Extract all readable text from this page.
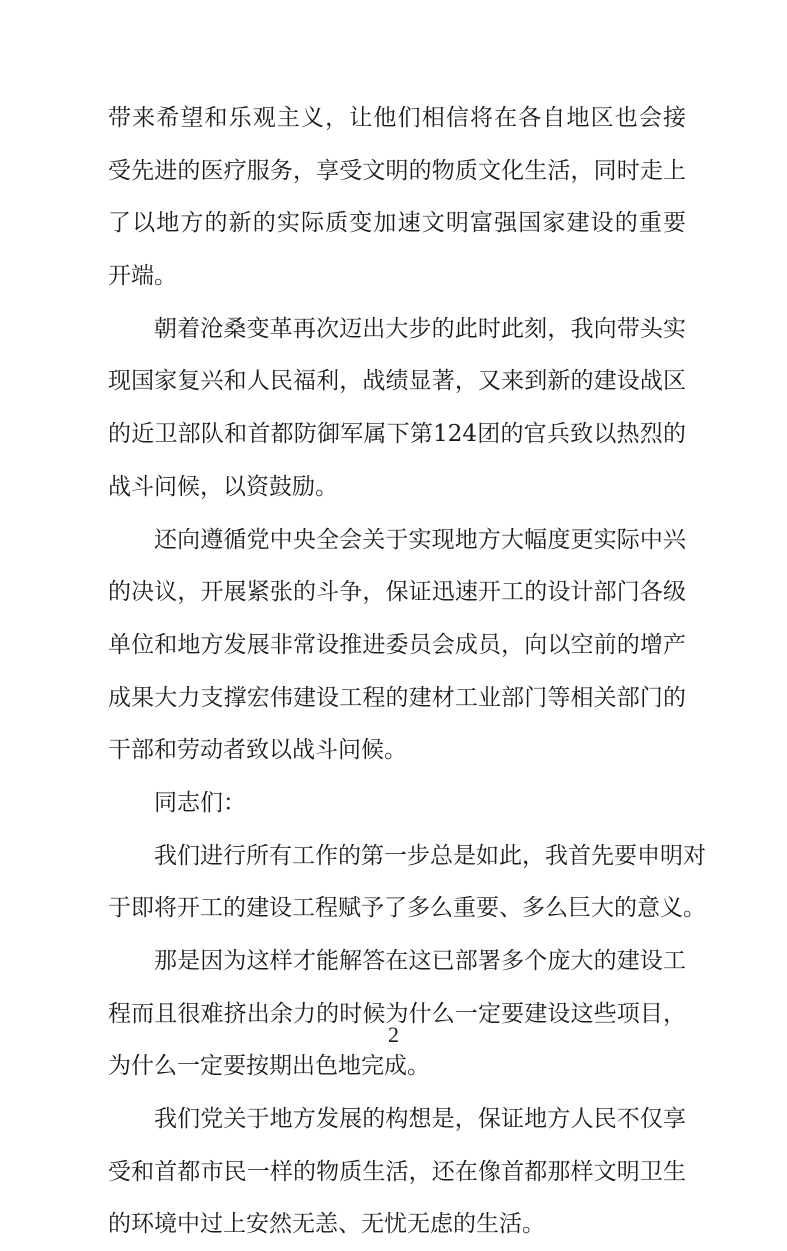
带来希望和乐观主义，让他们相信将在各自地区也会接
受先进的医疗服务，享受文明的物质文化生活，同时走上
了以地方的新的实际质变加速文明富强国家建设的重要
开端。
朝着沧桑变革再次迈出大步的此时此刻，我向带头实
现国家复兴和人民福利，战绩显著，又来到新的建设战区
的近卫部队和首都防御军属下第124团的官兵致以热烈的
战斗问候，以资鼓励。
还向遵循党中央全会关于实现地方大幅度更实际中兴
的决议，开展紧张的斗争，保证迅速开工的设计部门各级
单位和地方发展非常设推进委员会成员，向以空前的增产
成果大力支撑宏伟建设工程的建材工业部门等相关部门的
干部和劳动者致以战斗问候。
同志们：
我们进行所有工作的第一步总是如此，我首先要申明对
于即将开工的建设工程赋予了多么重要、多么巨大的意义。
那是因为这样才能解答在这已部署多个庞大的建设工
程而且很难挤出余力的时候为什么一定要建设这些项目，
为什么一定要按期出色地完成。
我们党关于地方发展的构想是，保证地方人民不仅享
受和首都市民一样的物质生活，还在像首都那样文明卫生
的环境中过上安然无恙、无忧无虑的生活。
2
